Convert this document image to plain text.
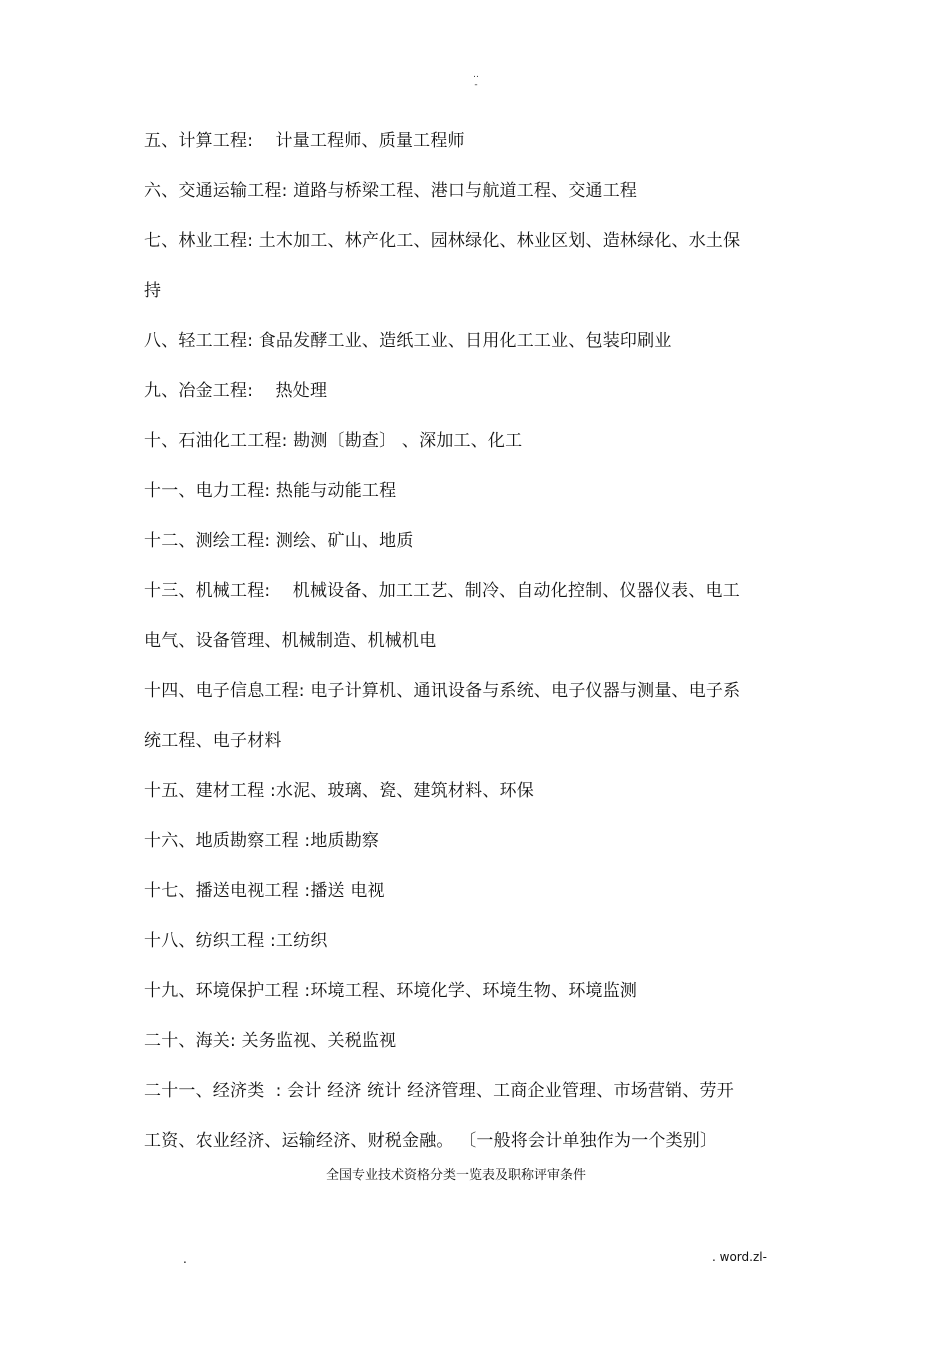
..
-
五、计算工程:    计量工程师、质量工程师
六、交通运输工程: 道路与桥梁工程、港口与航道工程、交通工程
七、林业工程: 土木加工、林产化工、园林绿化、林业区划、造林绿化、水土保
持
八、轻工工程: 食品发酵工业、造纸工业、日用化工工业、包装印刷业
九、冶金工程:    热处理
十、石油化工工程: 勘测〔勘查〕 、深加工、化工
十一、电力工程: 热能与动能工程
十二、测绘工程: 测绘、矿山、地质
十三、机械工程:    机械设备、加工工艺、制冷、自动化控制、仪器仪表、电工
电气、设备管理、机械制造、机械机电
十四、电子信息工程: 电子计算机、通讯设备与系统、电子仪器与测量、电子系
统工程、电子材料
十五、建材工程 :水泥、玻璃、瓷、建筑材料、环保
十六、地质勘察工程 :地质勘察
十七、播送电视工程 :播送 电视
十八、纺织工程 :工纺织
十九、环境保护工程 :环境工程、环境化学、环境生物、环境监测
二十、海关: 关务监视、关税监视
二十一、经济类  : 会计 经济 统计 经济管理、工商企业管理、市场营销、劳开
工资、农业经济、运输经济、财税金融。 〔一般将会计单独作为一个类别〕
全国专业技术资格分类一览表及职称评审条件
.	. word.zl-
